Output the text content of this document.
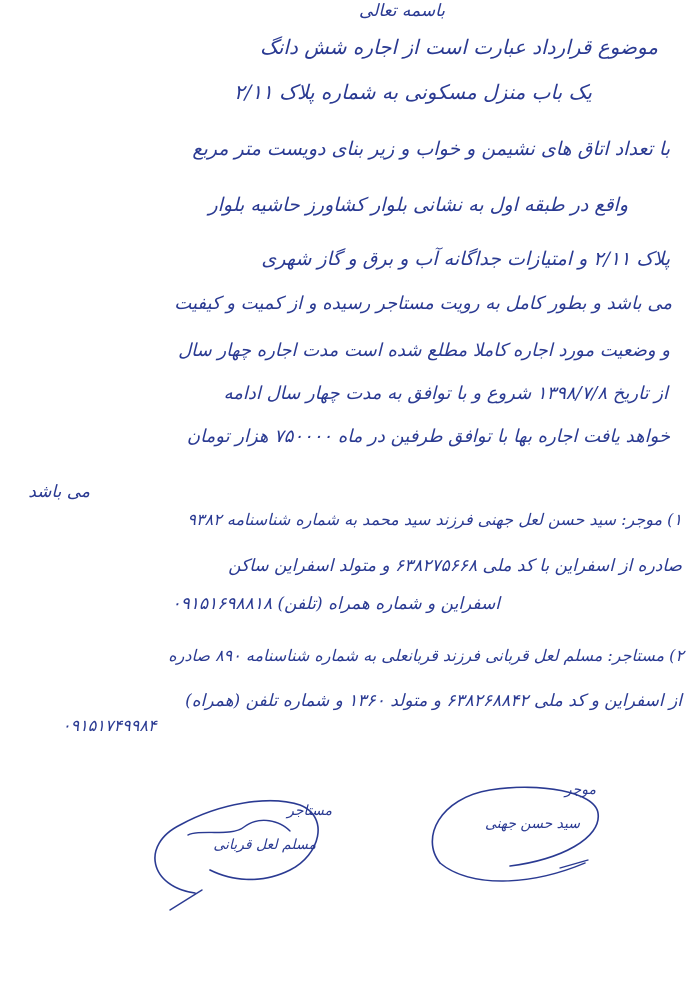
باسمه تعالی
موضوع قرارداد عبارت است از اجاره شش دانگ
یک باب منزل مسکونی به شماره پلاک ۲/۱۱
با تعداد اتاق های نشیمن و خواب و زیر بنای دویست متر مربع
واقع در طبقه اول به نشانی بلوار کشاورز حاشیه بلوار
پلاک ۲/۱۱ و امتیازات جداگانه آب و برق و گاز شهری
می باشد و بطور کامل به رویت مستاجر رسیده و از کمیت و کیفیت
و وضعیت مورد اجاره کاملا مطلع شده است مدت اجاره چهار سال
از تاریخ ۱۳۹۸/۷/۸ شروع و با توافق به مدت چهار سال ادامه
خواهد یافت اجاره بها با توافق طرفین در ماه ۷۵۰۰۰۰ هزار تومان
می باشد
۱) موجر: سید حسن لعل جهنی فرزند سید محمد به شماره شناسنامه ۹۳۸۲
صادره از اسفراین با کد ملی ۶۳۸۲۷۵۶۶۸ و متولد اسفراین ساکن
اسفراین و شماره همراه (تلفن) ۰۹۱۵۱۶۹۸۸۱۸
۲) مستاجر: مسلم لعل قربانی فرزند قربانعلی به شماره شناسنامه ۸۹۰ صادره
از اسفراین و کد ملی ۶۳۸۲۶۸۸۴۲ و متولد ۱۳۶۰ و شماره تلفن (همراه)
۰۹۱۵۱۷۴۹۹۸۴
مستاجر
مسلم لعل قربانی
موجر
سید حسن جهنی
